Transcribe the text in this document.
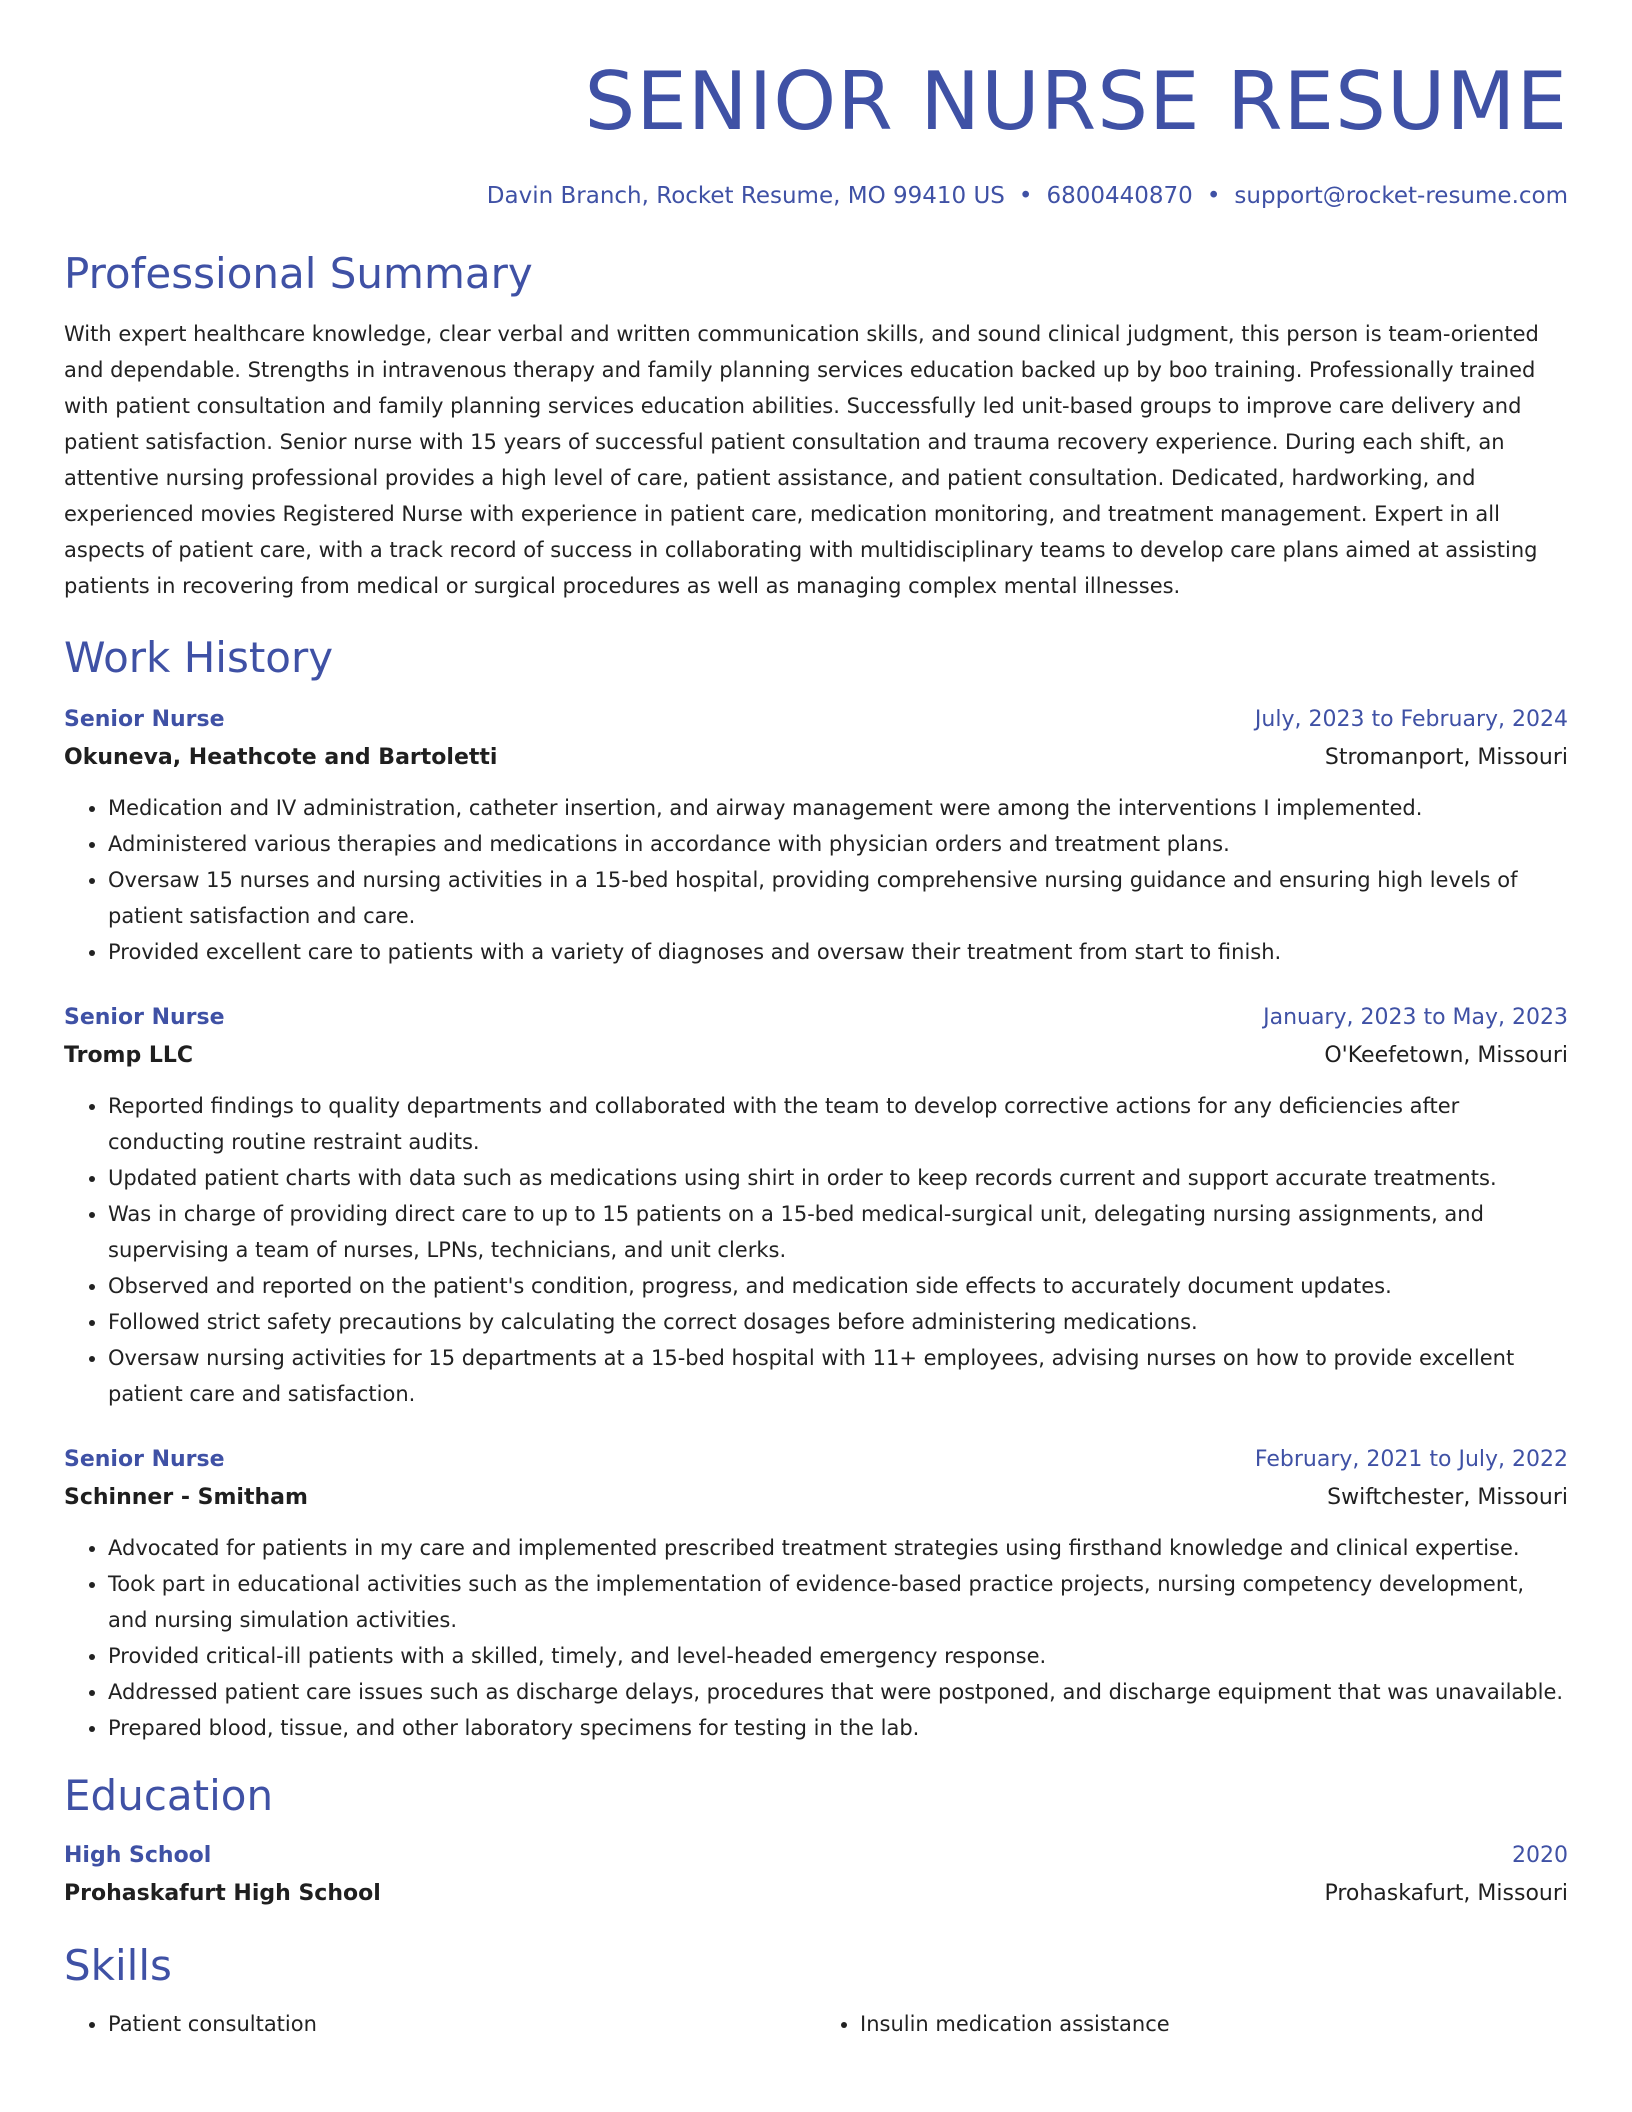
SENIOR NURSE RESUME
Davin Branch, Rocket Resume, MO 99410 US • 6800440870 • support@rocket-resume.com
Professional Summary
With expert healthcare knowledge, clear verbal and written communication skills, and sound clinical judgment, this person is team-oriented and dependable. Strengths in intravenous therapy and family planning services education backed up by boo training. Professionally trained with patient consultation and family planning services education abilities. Successfully led unit-based groups to improve care delivery and patient satisfaction. Senior nurse with 15 years of successful patient consultation and trauma recovery experience. During each shift, an attentive nursing professional provides a high level of care, patient assistance, and patient consultation. Dedicated, hardworking, and experienced movies Registered Nurse with experience in patient care, medication monitoring, and treatment management. Expert in all aspects of patient care, with a track record of success in collaborating with multidisciplinary teams to develop care plans aimed at assisting patients in recovering from medical or surgical procedures as well as managing complex mental illnesses.
Work History
Senior Nurse	July, 2023 to February, 2024
Okuneva, Heathcote and Bartoletti	Stromanport, Missouri
• Medication and IV administration, catheter insertion, and airway management were among the interventions I implemented.
• Administered various therapies and medications in accordance with physician orders and treatment plans.
• Oversaw 15 nurses and nursing activities in a 15-bed hospital, providing comprehensive nursing guidance and ensuring high levels of patient satisfaction and care.
• Provided excellent care to patients with a variety of diagnoses and oversaw their treatment from start to finish.
Senior Nurse	January, 2023 to May, 2023
Tromp LLC	O'Keefetown, Missouri
• Reported findings to quality departments and collaborated with the team to develop corrective actions for any deficiencies after conducting routine restraint audits.
• Updated patient charts with data such as medications using shirt in order to keep records current and support accurate treatments.
• Was in charge of providing direct care to up to 15 patients on a 15-bed medical-surgical unit, delegating nursing assignments, and supervising a team of nurses, LPNs, technicians, and unit clerks.
• Observed and reported on the patient's condition, progress, and medication side effects to accurately document updates.
• Followed strict safety precautions by calculating the correct dosages before administering medications.
• Oversaw nursing activities for 15 departments at a 15-bed hospital with 11+ employees, advising nurses on how to provide excellent patient care and satisfaction.
Senior Nurse	February, 2021 to July, 2022
Schinner - Smitham	Swiftchester, Missouri
• Advocated for patients in my care and implemented prescribed treatment strategies using firsthand knowledge and clinical expertise.
• Took part in educational activities such as the implementation of evidence-based practice projects, nursing competency development, and nursing simulation activities.
• Provided critical-ill patients with a skilled, timely, and level-headed emergency response.
• Addressed patient care issues such as discharge delays, procedures that were postponed, and discharge equipment that was unavailable.
• Prepared blood, tissue, and other laboratory specimens for testing in the lab.
Education
High School	2020
Prohaskafurt High School	Prohaskafurt, Missouri
Skills
• Patient consultation
•	Insulin medication assistance
